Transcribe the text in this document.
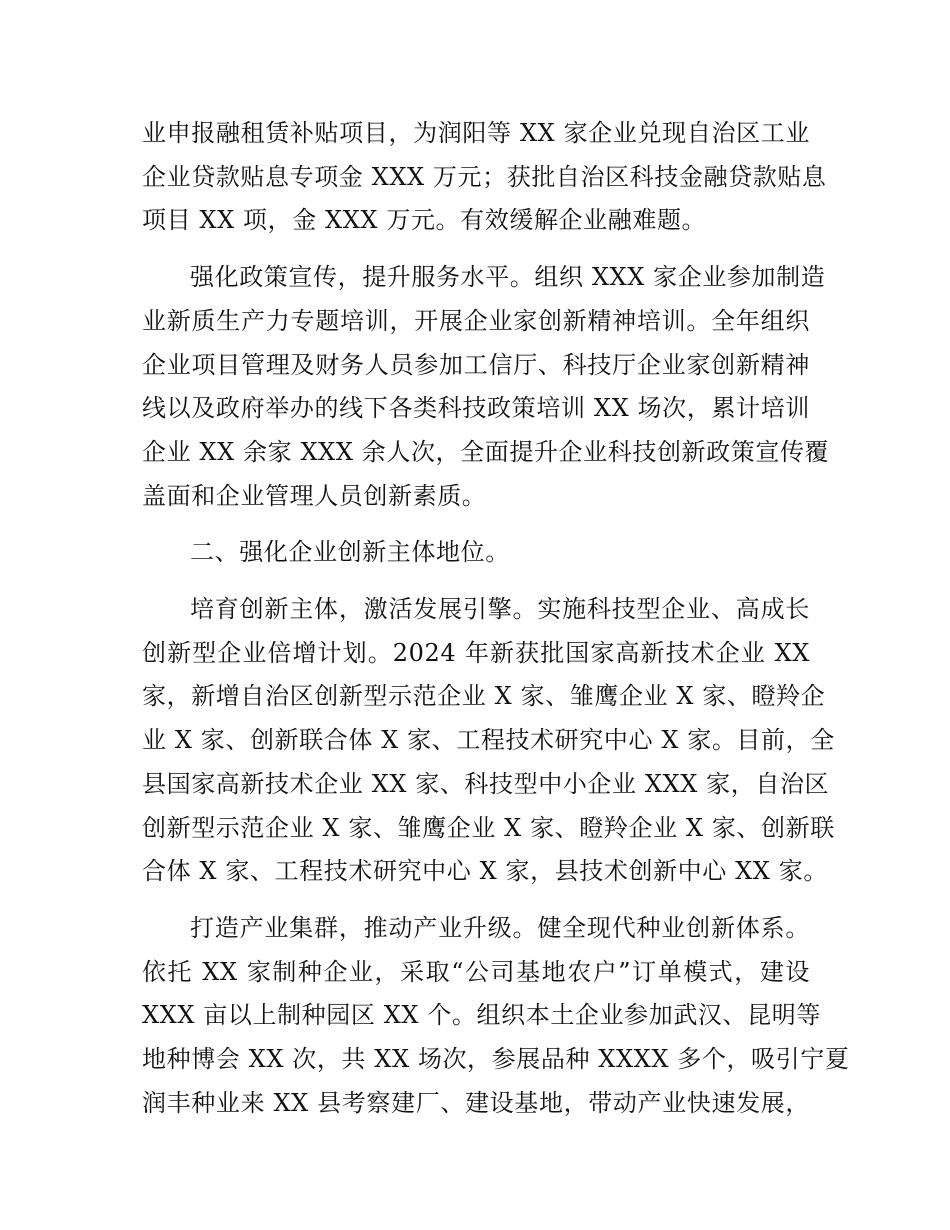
业申报融租赁补贴项目，为润阳等 XX 家企业兑现自治区工业
企业贷款贴息专项金 XXX 万元；获批自治区科技金融贷款贴息
项目 XX 项，金 XXX 万元。有效缓解企业融难题。
强化政策宣传，提升服务水平。组织 XXX 家企业参加制造
业新质生产力专题培训，开展企业家创新精神培训。全年组织
企业项目管理及财务人员参加工信厅、科技厅企业家创新精神
线以及政府举办的线下各类科技政策培训 XX 场次，累计培训
企业 XX 余家 XXX 余人次，全面提升企业科技创新政策宣传覆
盖面和企业管理人员创新素质。
二、强化企业创新主体地位。
培育创新主体，激活发展引擎。实施科技型企业、高成长
创新型企业倍增计划。2024 年新获批国家高新技术企业 XX
家，新增自治区创新型示范企业 X 家、雏鹰企业 X 家、瞪羚企
业 X 家、创新联合体 X 家、工程技术研究中心 X 家。目前，全
县国家高新技术企业 XX 家、科技型中小企业 XXX 家，自治区
创新型示范企业 X 家、雏鹰企业 X 家、瞪羚企业 X 家、创新联
合体 X 家、工程技术研究中心 X 家，县技术创新中心 XX 家。
打造产业集群，推动产业升级。健全现代种业创新体系。
依托 XX 家制种企业，采取“公司基地农户”订单模式，建设
XXX 亩以上制种园区 XX 个。组织本土企业参加武汉、昆明等
地种博会 XX 次，共 XX 场次，参展品种 XXXX 多个，吸引宁夏
润丰种业来 XX 县考察建厂、建设基地，带动产业快速发展，
